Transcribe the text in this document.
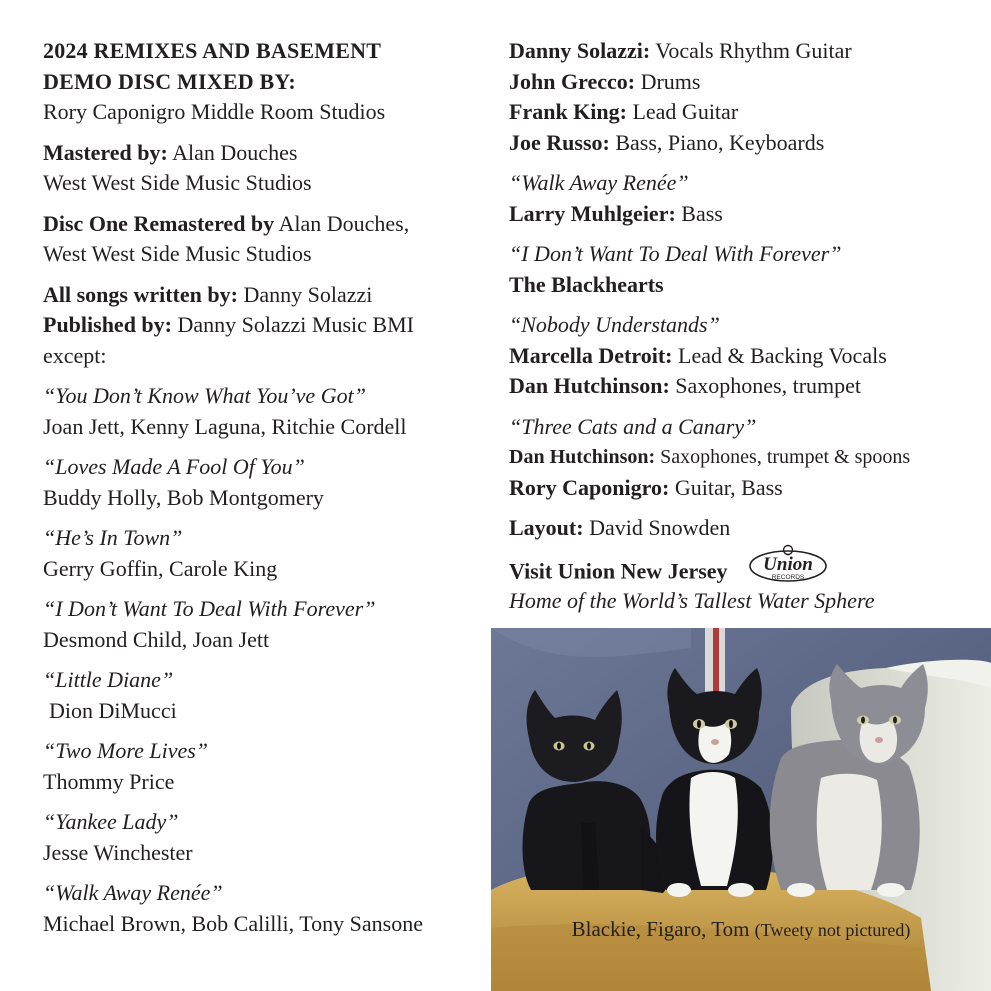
2024 REMIXES AND BASEMENT
DEMO DISC MIXED BY:
Rory Caponigro Middle Room Studios
Mastered by: Alan Douches
West West Side Music Studios
Disc One Remastered by Alan Douches,
West West Side Music Studios
All songs written by: Danny Solazzi
Published by: Danny Solazzi Music BMI
except:
“You Don’t Know What You’ve Got”
Joan Jett, Kenny Laguna, Ritchie Cordell
“Loves Made A Fool Of You”
Buddy Holly, Bob Montgomery
“He’s In Town”
Gerry Goffin, Carole King
“I Don’t Want To Deal With Forever”
Desmond Child, Joan Jett
“Little Diane”
Dion DiMucci
“Two More Lives”
Thommy Price
“Yankee Lady”
Jesse Winchester
“Walk Away Renée”
Michael Brown, Bob Calilli, Tony Sansone
Danny Solazzi: Vocals Rhythm Guitar
John Grecco: Drums
Frank King: Lead Guitar
Joe Russo: Bass, Piano, Keyboards
“Walk Away Renée”
Larry Muhlgeier: Bass
“I Don’t Want To Deal With Forever”
The Blackhearts
“Nobody Understands”
Marcella Detroit: Lead & Backing Vocals
Dan Hutchinson: Saxophones, trumpet
“Three Cats and a Canary”
Dan Hutchinson: Saxophones, trumpet & spoons
Rory Caponigro: Guitar, Bass
Layout: David Snowden
Visit Union New Jersey Union
RECORDS
Home of the World’s Tallest Water Sphere
Blackie, Figaro, Tom (Tweety not pictured)
